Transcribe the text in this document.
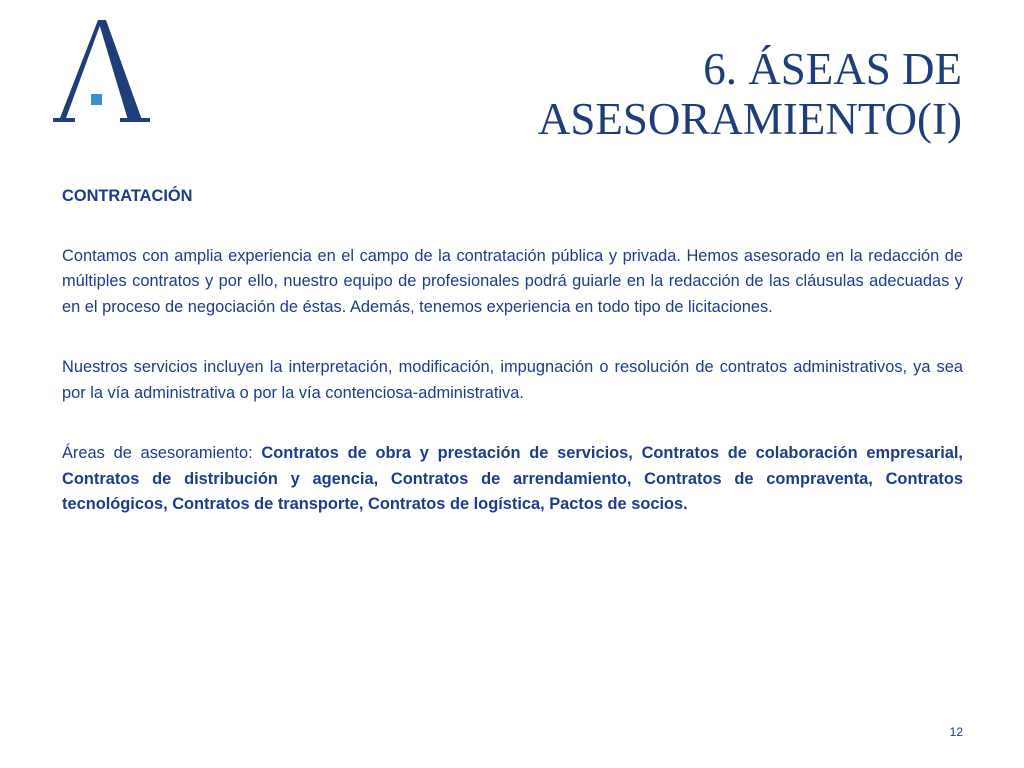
6. ÁSEAS DE
ASESORAMIENTO(I)

CONTRATACIÓN

Contamos con amplia experiencia en el campo de la contratación pública y privada. Hemos asesorado en la redacción de múltiples contratos y por ello, nuestro equipo de profesionales podrá guiarle en la redacción de las cláusulas adecuadas y en el proceso de negociación de éstas. Además, tenemos experiencia en todo tipo de licitaciones.

Nuestros servicios incluyen la interpretación, modificación, impugnación o resolución de contratos administrativos, ya sea por la vía administrativa o por la vía contenciosa-administrativa.

Áreas de asesoramiento: Contratos de obra y prestación de servicios, Contratos de colaboración empresarial, Contratos de distribución y agencia, Contratos de arrendamiento, Contratos de compraventa, Contratos tecnológicos, Contratos de transporte, Contratos de logística, Pactos de socios.

12
